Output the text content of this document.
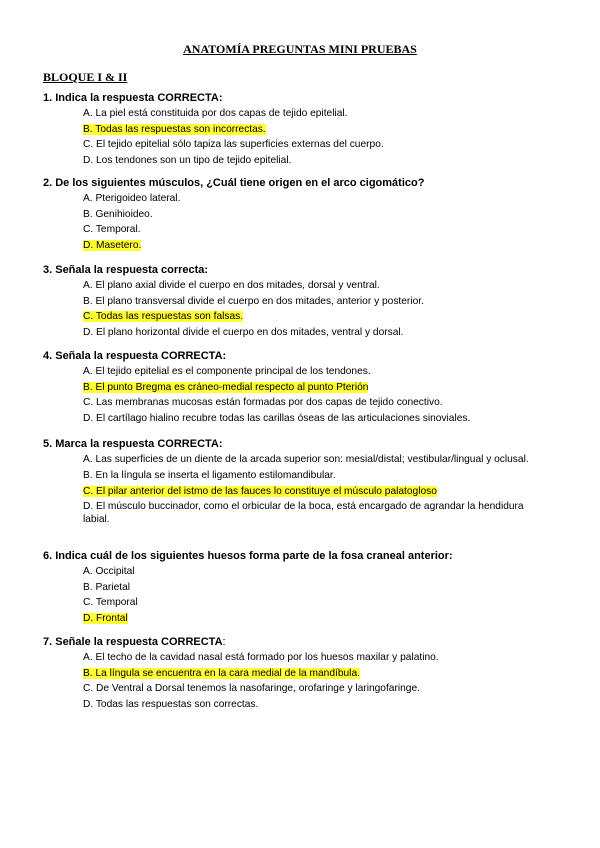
ANATOMÍA PREGUNTAS MINI PRUEBAS
BLOQUE I & II
1. Indica la respuesta CORRECTA:
A. La piel está constituida por dos capas de tejido epitelial.
B. Todas las respuestas son incorrectas.
C. El tejido epitelial sólo tapiza las superficies externas del cuerpo.
D. Los tendones son un tipo de tejido epitelial.
2. De los siguientes músculos, ¿Cuál tiene origen en el arco cigomático?
A. Pterigoideo lateral.
B. Genihioideo.
C. Temporal.
D. Masetero.
3. Señala la respuesta correcta:
A. El plano axial divide el cuerpo en dos mitades, dorsal y ventral.
B. El plano transversal divide el cuerpo en dos mitades, anterior y posterior.
C. Todas las respuestas son falsas.
D. El plano horizontal divide el cuerpo en dos mitades, ventral y dorsal.
4. Señala la respuesta CORRECTA:
A. El tejido epitelial es el componente principal de los tendones.
B. El punto Bregma es cráneo-medial respecto al punto Pterión
C. Las membranas mucosas están formadas por dos capas de tejido conectivo.
D. El cartílago hialino recubre todas las carillas óseas de las articulaciones sinoviales.
5. Marca la respuesta CORRECTA:
A. Las superficies de un diente de la arcada superior son: mesial/distal; vestibular/lingual y oclusal.
B. En la língula se inserta el ligamento estilomandibular.
C. El pilar anterior del istmo de las fauces lo constituye el músculo palatogloso
D. El músculo buccinador, como el orbicular de la boca, está encargado de agrandar la hendidura labial.
6. Indica cuál de los siguientes huesos forma parte de la fosa craneal anterior:
A. Occipital
B. Parietal
C. Temporal
D. Frontal
7. Señale la respuesta CORRECTA:
A. El techo de la cavidad nasal está formado por los huesos maxilar y palatino.
B. La língula se encuentra en la cara medial de la mandíbula.
C. De Ventral a Dorsal tenemos la nasofaringe, orofaringe y laringofaringe.
D. Todas las respuestas son correctas.
